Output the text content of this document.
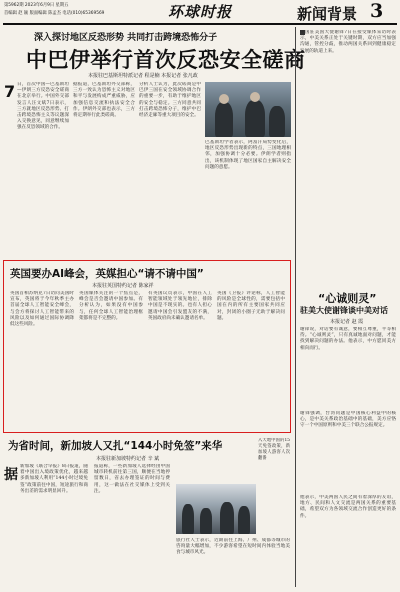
第5962期 2023年6月9日 星期五
首编辑 赵 颖 版面编辑 陈孟杰 电话(010)65369569	环球时报	新闻背景 3
深入探讨地区反恐形势 共同打击跨境恐怖分子
中巴伊举行首次反恐安全磋商
本报驻巴基斯坦特派记者 程是楠 本报记者 张凡政
7 日，首次中国—巴基斯坦—伊朗三方反恐安全磋商在北京举行。中国外交部发言人汪文斌7日表示，三方就地区反恐形势、打击跨境恐怖主义等议题深入交换意见，同意继续加强在反恐领域的合作。
据报道，巴基斯坦外交部称，三方一致认为恐怖主义对地区和平与发展构成严重威胁，应加强信息交流和执法安全合作。伊朗外交部也表示，三方将定期举行此类磋商。
分析人士认为，此次磋商是中巴伊三国在安全领域协调合作的重要一步，有助于维护地区的安全与稳定。三方同意共同打击跨境恐怖分子，维护中巴经济走廊等重大项目的安全。
巴基斯坦学者表示，阿富汗局势变化后，地区反恐形势出现新的特点，三国地理相邻，加强协调十分必要。伊朗学者则指出，该机制体现了地区国家自主解决安全问题的意愿。
中国驻美国大使谢锋7日在接受媒体采访时表示，中美关系正处于关键时期，双方应当加强沟通，管控分歧，推动两国关系回到健康稳定发展的轨道上来。
“心诚则灵”
驻美大使谢锋谈中美对话
本报记者 赵 霞
谢锋说，对话要有诚意，要相互尊重，平等相待。“心诚则灵”，只有真诚地面对问题，才能找到解决问题的办法。他表示，中方愿同美方相向而行。
谢锋强调，台湾问题是中国核心利益中的核心，是中美关系政治基础中的基础，美方应恪守一个中国原则和中美三个联合公报规定。
他表示，中美两国人民之间有着深厚的友谊，地方、民间和人文交流是两国关系的重要基础，希望双方为各领域交流合作创造更好的条件。
英国要办AI峰会，英媒担心“请不请中国”
本报驻英国特约记者 陈家祥
英国首相苏纳克7日访问美国时宣布，英国将于今年秋季主办首届全球人工智能安全峰会，与会方将探讨人工智能带来的风险以及如何通过国际协调降低这些风险。
英国媒体关注的一个焦点是，峰会是否会邀请中国参加。有分析认为，如果没有中国参与，任何全球人工智能治理框架都将是不完整的。
有英国议员表示，中国在人工智能领域处于领先地位，排除中国是不现实的。也有人担心邀请中国会引发盟友的不满，英国政府尚未确认邀请名单。
英国《卫报》评论称，人工智能的风险是全球性的，需要包括中国在内的所有主要国家共同应对，封闭的小圈子无助于解决问题。
为省时间，新加坡人又扎“144小时免签”来华
本报驻新加坡特约记者 辛 斌
入天地中国的15天免签政策，新加坡人游客人次翻番
据
新加坡《联合早报》8日报道，随着中国出入境政策优化，越来越多新加坡人利用“144小时过境免签”政策前往中国，短途旅行和商务出差的需求明显回升。
报道称，一些新加坡人选择经由中国城市转机前往第三国，顺便在当地停留数日，省去办理签证的时间与费用，这一做法在社交媒体上受到关注。
旅行社人士表示，近期前往上海、广州、成都等城市的咨询量大幅增加，不少游客希望在短时间内体验当地美食与城市风光。
